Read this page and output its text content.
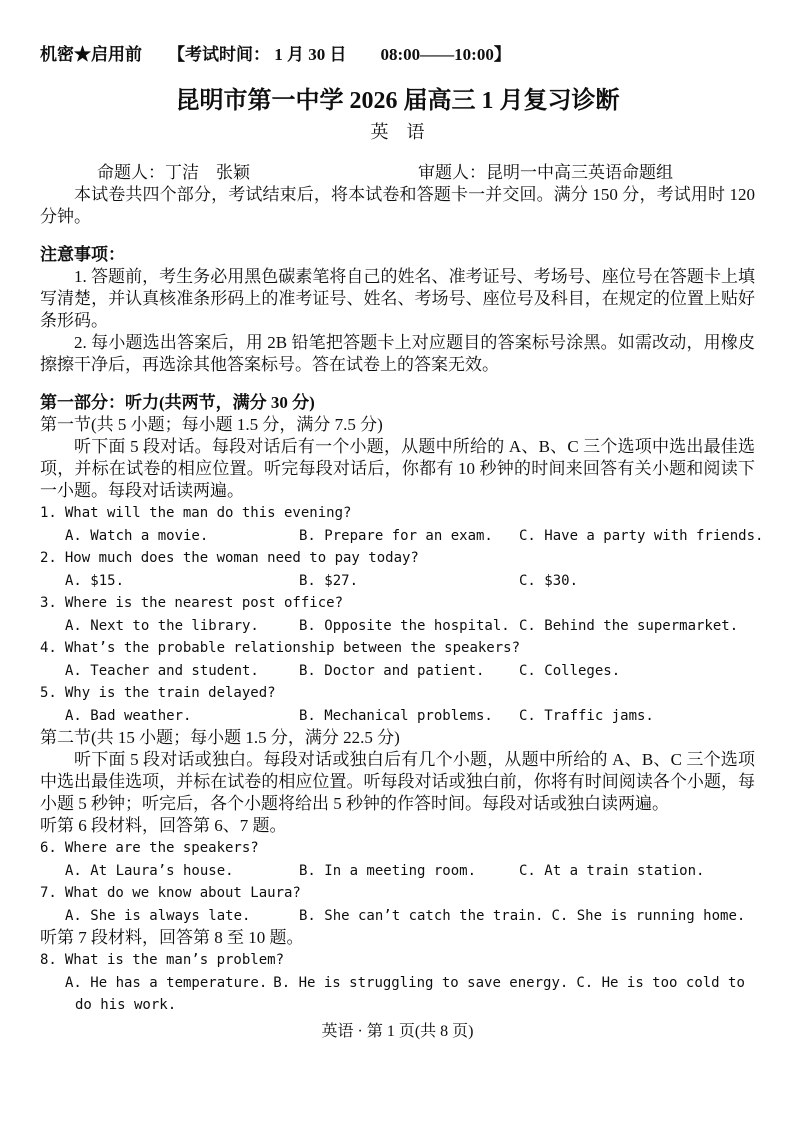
机密★启用前 【考试时间： 1 月 30 日　　08:00——10:00】
昆明市第一中学 2026 届高三 1 月复习诊断
英　语
命题人：丁洁　张颖	审题人：昆明一中高三英语命题组

本试卷共四个部分，考试结束后，将本试卷和答题卡一并交回。满分 150 分，考试用时 120 分钟。

注意事项：

1. 答题前，考生务必用黑色碳素笔将自己的姓名、准考证号、考场号、座位号在答题卡上填写清楚，并认真核准条形码上的准考证号、姓名、考场号、座位号及科目，在规定的位置上贴好条形码。

2. 每小题选出答案后，用 2B 铅笔把答题卡上对应题目的答案标号涂黑。如需改动，用橡皮擦擦干净后，再选涂其他答案标号。答在试卷上的答案无效。

第一部分：听力(共两节，满分 30 分)
第一节(共 5 小题；每小题 1.5 分，满分 7.5 分)

听下面 5 段对话。每段对话后有一个小题，从题中所给的 A、B、C 三个选项中选出最佳选项，并标在试卷的相应位置。听完每段对话后，你都有 10 秒钟的时间来回答有关小题和阅读下一小题。每段对话读两遍。

1. What will the man do this evening?
A. Watch a movie.	B. Prepare for an exam.	C. Have a party with friends.
2. How much does the woman need to pay today?
A. $15.	B. $27.	C. $30.
3. Where is the nearest post office?
A. Next to the library.	B. Opposite the hospital. C. Behind the supermarket.
4. What’s the probable relationship between the speakers?
A. Teacher and student.	B. Doctor and patient.	C. Colleges.
5. Why is the train delayed?
A. Bad weather.	B. Mechanical problems.	C. Traffic jams.
第二节(共 15 小题；每小题 1.5 分，满分 22.5 分)

听下面 5 段对话或独白。每段对话或独白后有几个小题，从题中所给的 A、B、C 三个选项中选出最佳选项，并标在试卷的相应位置。听每段对话或独白前，你将有时间阅读各个小题，每小题 5 秒钟；听完后，各个小题将给出 5 秒钟的作答时间。每段对话或独白读两遍。

听第 6 段材料，回答第 6、7 题。

6. Where are the speakers?
A. At Laura’s house.	B. In a meeting room.	C. At a train station.
7. What do we know about Laura?
A. She is always late.	B. She can’t catch the train. C. She is running home.

听第 7 段材料，回答第 8 至 10 题。

8. What is the man’s problem?
A. He has a temperature. B. He is struggling to save energy. C. He is too cold to do his work.
英语 · 第 1 页(共 8 页)
